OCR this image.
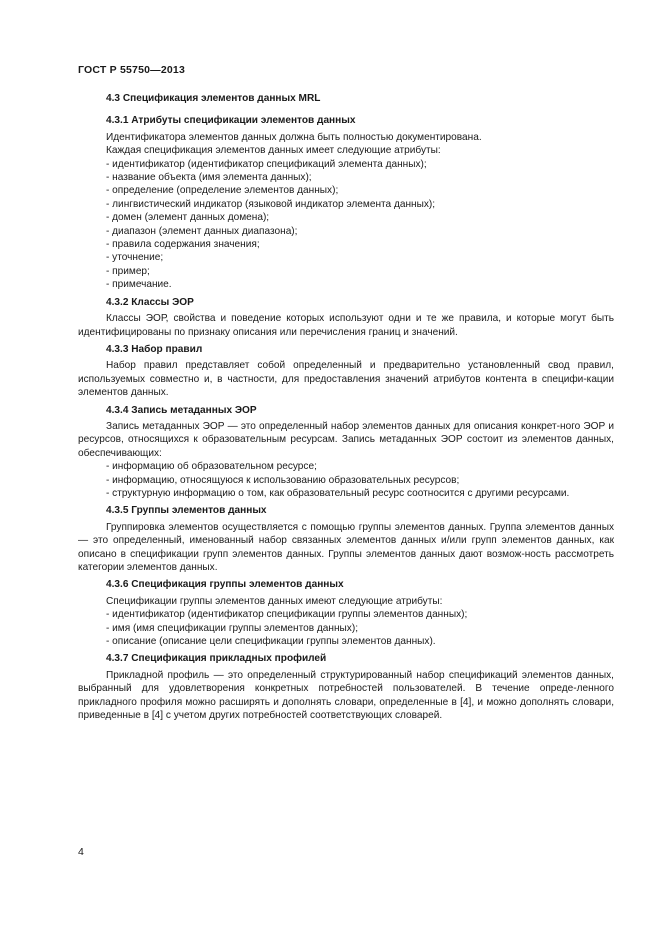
ГОСТ Р 55750—2013
4.3 Спецификация элементов данных MRL
4.3.1 Атрибуты спецификации элементов данных
Идентификатора элементов данных должна быть полностью документирована.
Каждая спецификация элементов данных имеет следующие атрибуты:
- идентификатор (идентификатор спецификаций элемента данных);
- название объекта (имя элемента данных);
- определение (определение элементов данных);
- лингвистический индикатор (языковой индикатор элемента данных);
- домен (элемент данных домена);
- диапазон (элемент данных диапазона);
- правила содержания значения;
- уточнение;
- пример;
- примечание.
4.3.2 Классы ЭОР
Классы ЭОР, свойства и поведение которых используют одни и те же правила, и которые могут быть идентифицированы по признаку описания или перечисления границ и значений.
4.3.3 Набор правил
Набор правил представляет собой определенный и предварительно установленный свод правил, используемых совместно и, в частности, для предоставления значений атрибутов контента в специфи-кации элементов данных.
4.3.4 Запись метаданных ЭОР
Запись метаданных ЭОР — это определенный набор элементов данных для описания конкрет-ного ЭОР и ресурсов, относящихся к образовательным ресурсам. Запись метаданных ЭОР состоит из элементов данных, обеспечивающих:
- информацию об образовательном ресурсе;
- информацию, относящуюся к использованию образовательных ресурсов;
- структурную информацию о том, как образовательный ресурс соотносится с другими ресурсами.
4.3.5 Группы элементов данных
Группировка элементов осуществляется с помощью группы элементов данных. Группа элементов данных — это определенный, именованный набор связанных элементов данных и/или групп элементов данных, как описано в спецификации групп элементов данных. Группы элементов данных дают возмож-ность рассмотреть категории элементов данных.
4.3.6 Спецификация группы элементов данных
Спецификации группы элементов данных имеют следующие атрибуты:
- идентификатор (идентификатор спецификации группы элементов данных);
- имя (имя спецификации группы элементов данных);
- описание (описание цели спецификации группы элементов данных).
4.3.7 Спецификация прикладных профилей
Прикладной профиль — это определенный структурированный набор спецификаций элементов данных, выбранный для удовлетворения конкретных потребностей пользователей. В течение опреде-ленного прикладного профиля можно расширять и дополнять словари, определенные в [4], и можно дополнять словари, приведенные в [4] с учетом других потребностей соответствующих словарей.
4
